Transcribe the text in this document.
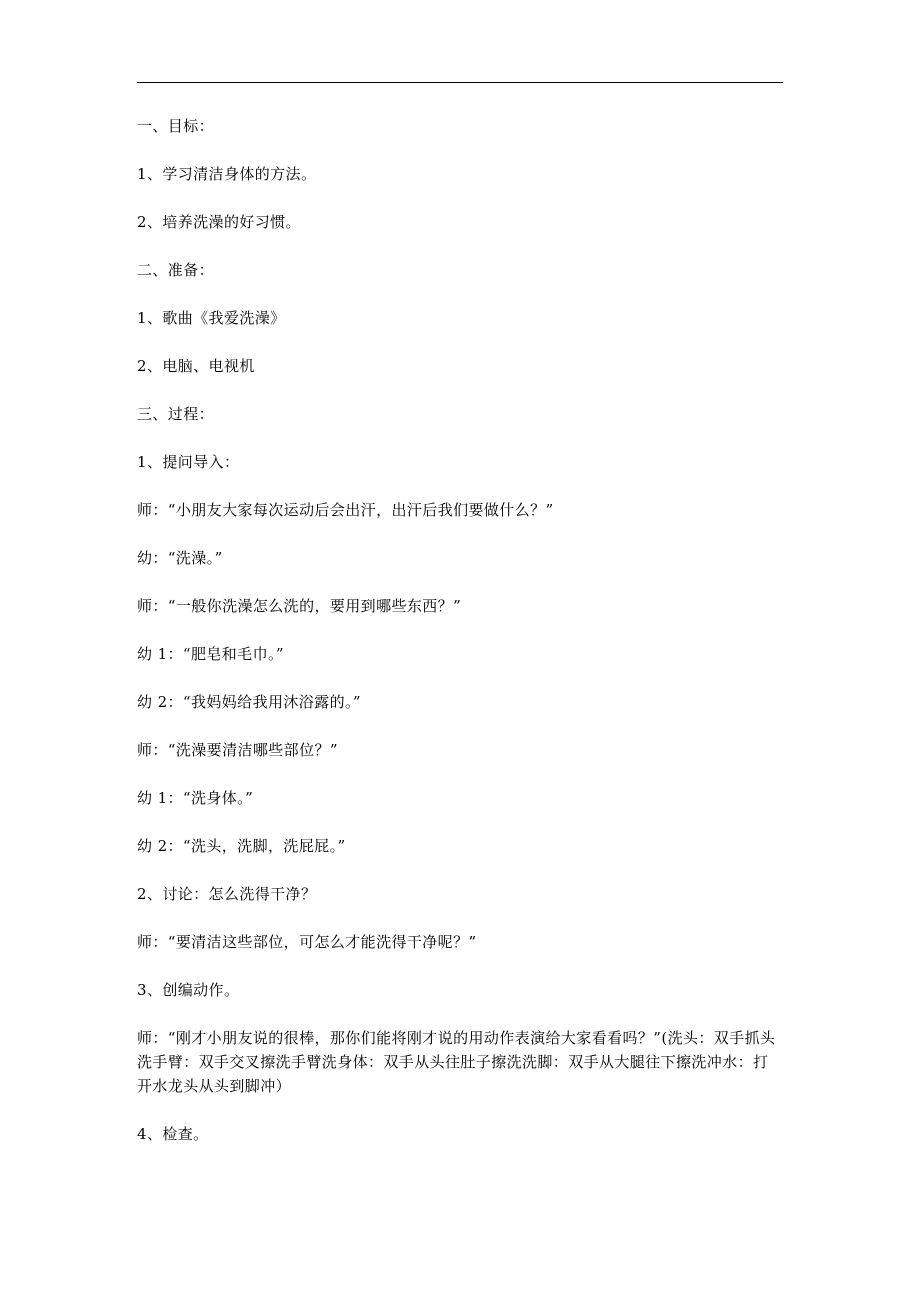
一、目标：

1、学习清洁身体的方法。

2、培养洗澡的好习惯。

二、准备：

1、歌曲《我爱洗澡》

2、电脑、电视机

三、过程：

1、提问导入：

师：“小朋友大家每次运动后会出汗，出汗后我们要做什么？”

幼：“洗澡。”

师：“一般你洗澡怎么洗的，要用到哪些东西？”

幼 1：“肥皂和毛巾。”

幼 2：“我妈妈给我用沐浴露的。”

师：“洗澡要清洁哪些部位？”

幼 1：“洗身体。”

幼 2：“洗头，洗脚，洗屁屁。”

2、讨论：怎么洗得干净？

师：“要清洁这些部位，可怎么才能洗得干净呢？”

3、创编动作。

师：“刚才小朋友说的很棒，那你们能将刚才说的用动作表演给大家看看吗？”(洗头：双手抓头洗手臂：双手交叉擦洗手臂洗身体：双手从头往肚子擦洗洗脚：双手从大腿往下擦洗冲水：打开水龙头从头到脚冲）

4、检查。
